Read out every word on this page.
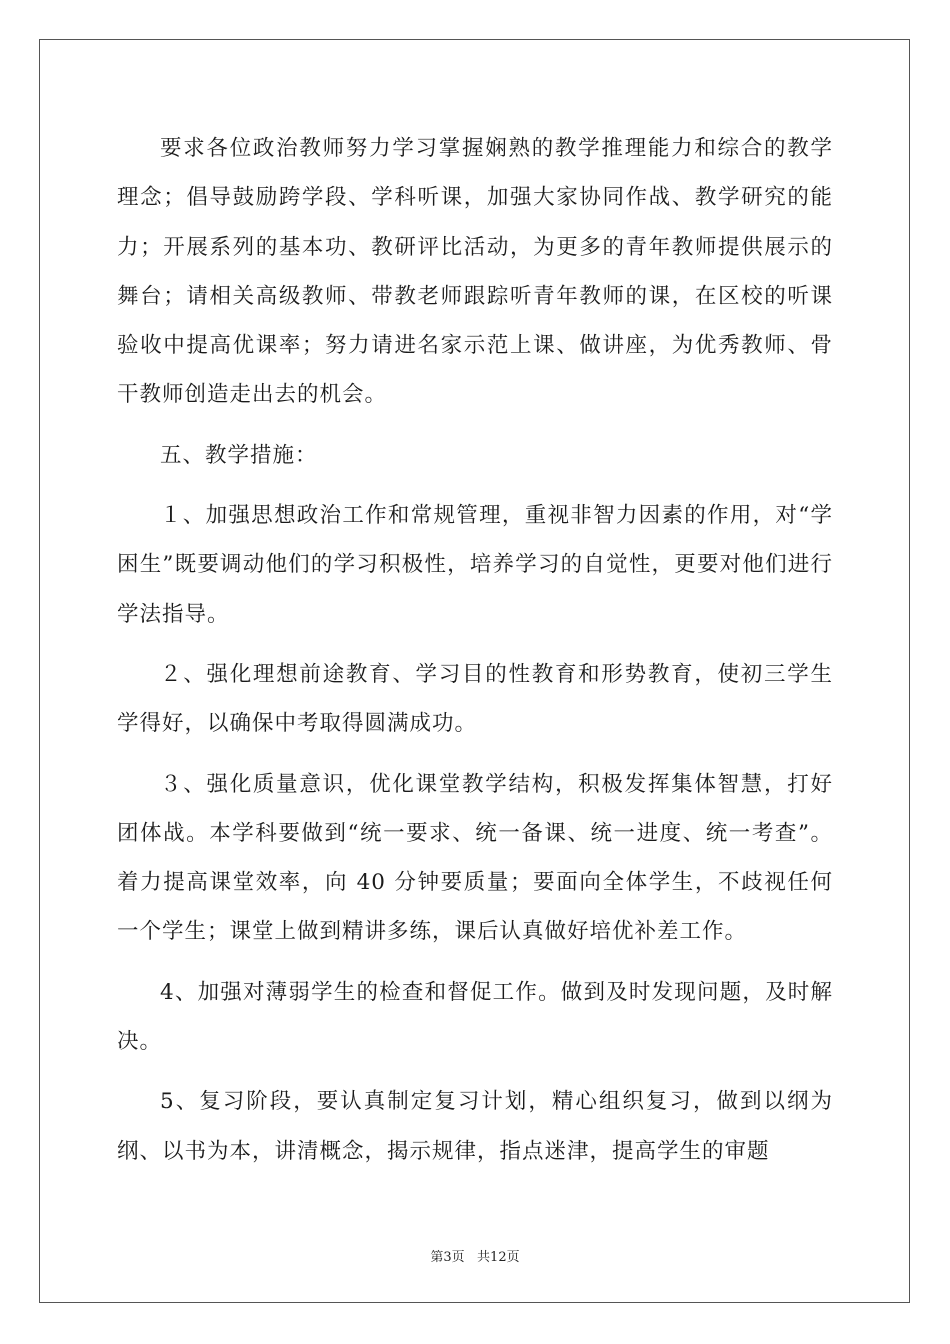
要求各位政治教师努力学习掌握娴熟的教学推理能力和综合的教学理念；倡导鼓励跨学段、学科听课，加强大家协同作战、教学研究的能力；开展系列的基本功、教研评比活动，为更多的青年教师提供展示的舞台；请相关高级教师、带教老师跟踪听青年教师的课，在区校的听课验收中提高优课率；努力请进名家示范上课、做讲座，为优秀教师、骨干教师创造走出去的机会。

五、教学措施：

１、加强思想政治工作和常规管理，重视非智力因素的作用，对“学困生”既要调动他们的学习积极性，培养学习的自觉性，更要对他们进行学法指导。

２、强化理想前途教育、学习目的性教育和形势教育，使初三学生学得好，以确保中考取得圆满成功。

３、强化质量意识，优化课堂教学结构，积极发挥集体智慧，打好团体战。本学科要做到“统一要求、统一备课、统一进度、统一考查”。着力提高课堂效率，向 40 分钟要质量；要面向全体学生，不歧视任何一个学生；课堂上做到精讲多练，课后认真做好培优补差工作。

4、加强对薄弱学生的检查和督促工作。做到及时发现问题，及时解决。

5、复习阶段，要认真制定复习计划，精心组织复习，做到以纲为纲、以书为本，讲清概念，揭示规律，指点迷津，提高学生的审题

第3页   共12页
